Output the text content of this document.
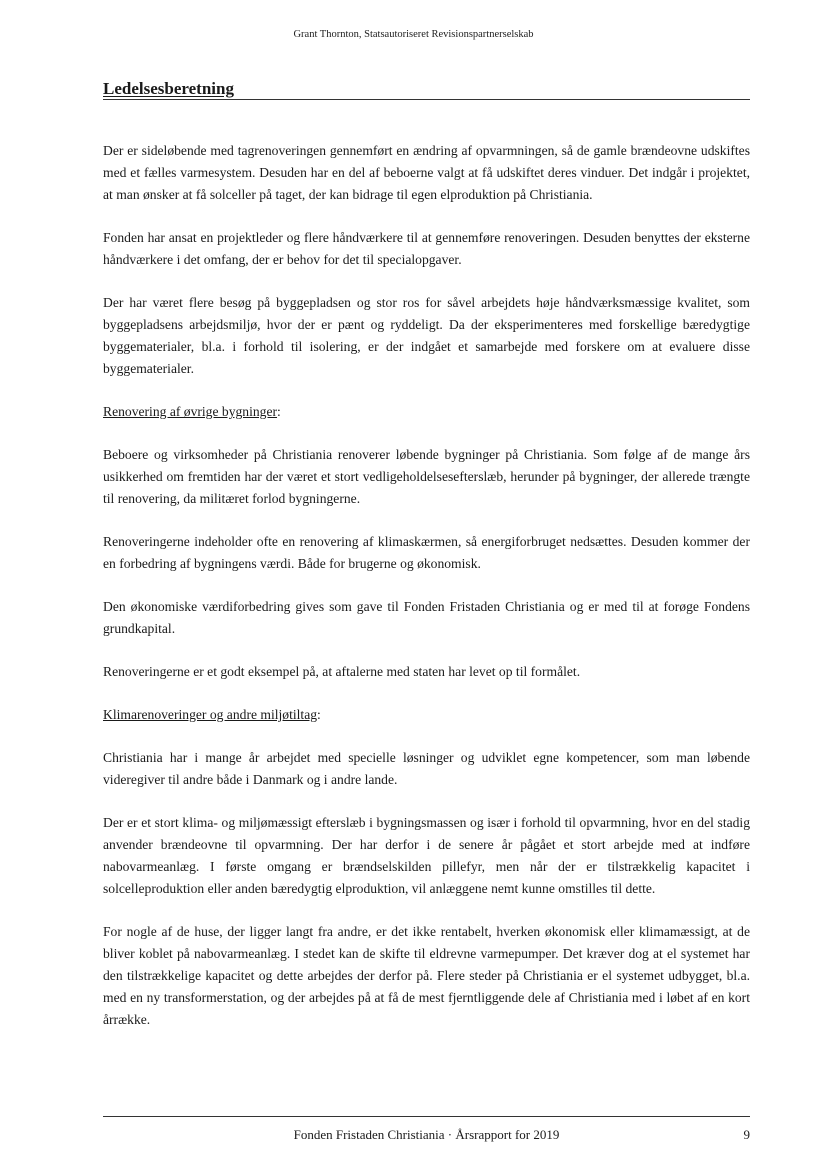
Grant Thornton, Statsautoriseret Revisionspartnerselskab
Ledelsesberetning

Der er sideløbende med tagrenoveringen gennemført en ændring af opvarmningen, så de gamle brændeovne udskiftes med et fælles varmesystem. Desuden har en del af beboerne valgt at få udskiftet deres vinduer. Det indgår i projektet, at man ønsker at få solceller på taget, der kan bidrage til egen elproduktion på Christiania.

Fonden har ansat en projektleder og flere håndværkere til at gennemføre renoveringen. Desuden benyttes der eksterne håndværkere i det omfang, der er behov for det til specialopgaver.

Der har været flere besøg på byggepladsen og stor ros for såvel arbejdets høje håndværksmæssige kvalitet, som byggepladsens arbejdsmiljø, hvor der er pænt og ryddeligt. Da der eksperimenteres med forskellige bæredygtige byggematerialer, bl.a. i forhold til isolering, er der indgået et samarbejde med forskere om at evaluere disse byggematerialer.

Renovering af øvrige bygninger:

Beboere og virksomheder på Christiania renoverer løbende bygninger på Christiania. Som følge af de mange års usikkerhed om fremtiden har der været et stort vedligeholdelsesefterslæb, herunder på bygninger, der allerede trængte til renovering, da militæret forlod bygningerne.

Renoveringerne indeholder ofte en renovering af klimaskærmen, så energiforbruget nedsættes. Desuden kommer der en forbedring af bygningens værdi. Både for brugerne og økonomisk.

Den økonomiske værdiforbedring gives som gave til Fonden Fristaden Christiania og er med til at forøge Fondens grundkapital.

Renoveringerne er et godt eksempel på, at aftalerne med staten har levet op til formålet.

Klimarenoveringer og andre miljøtiltag:

Christiania har i mange år arbejdet med specielle løsninger og udviklet egne kompetencer, som man løbende videregiver til andre både i Danmark og i andre lande.

Der er et stort klima- og miljømæssigt efterslæb i bygningsmassen og især i forhold til opvarmning, hvor en del stadig anvender brændeovne til opvarmning. Der har derfor i de senere år pågået et stort arbejde med at indføre nabovarmeanlæg. I første omgang er brændselskilden pillefyr, men når der er tilstrækkelig kapacitet i solcelleproduktion eller anden bæredygtig elproduktion, vil anlæggene nemt kunne omstilles til dette.

For nogle af de huse, der ligger langt fra andre, er det ikke rentabelt, hverken økonomisk eller klimamæssigt, at de bliver koblet på nabovarmeanlæg. I stedet kan de skifte til eldrevne varmepumper. Det kræver dog at el systemet har den tilstrækkelige kapacitet og dette arbejdes der derfor på. Flere steder på Christiania er el systemet udbygget, bl.a. med en ny transformerstation, og der arbejdes på at få de mest fjerntliggende dele af Christiania med i løbet af en kort årrække.

Fonden Fristaden Christiania · Årsrapport for 2019	9
